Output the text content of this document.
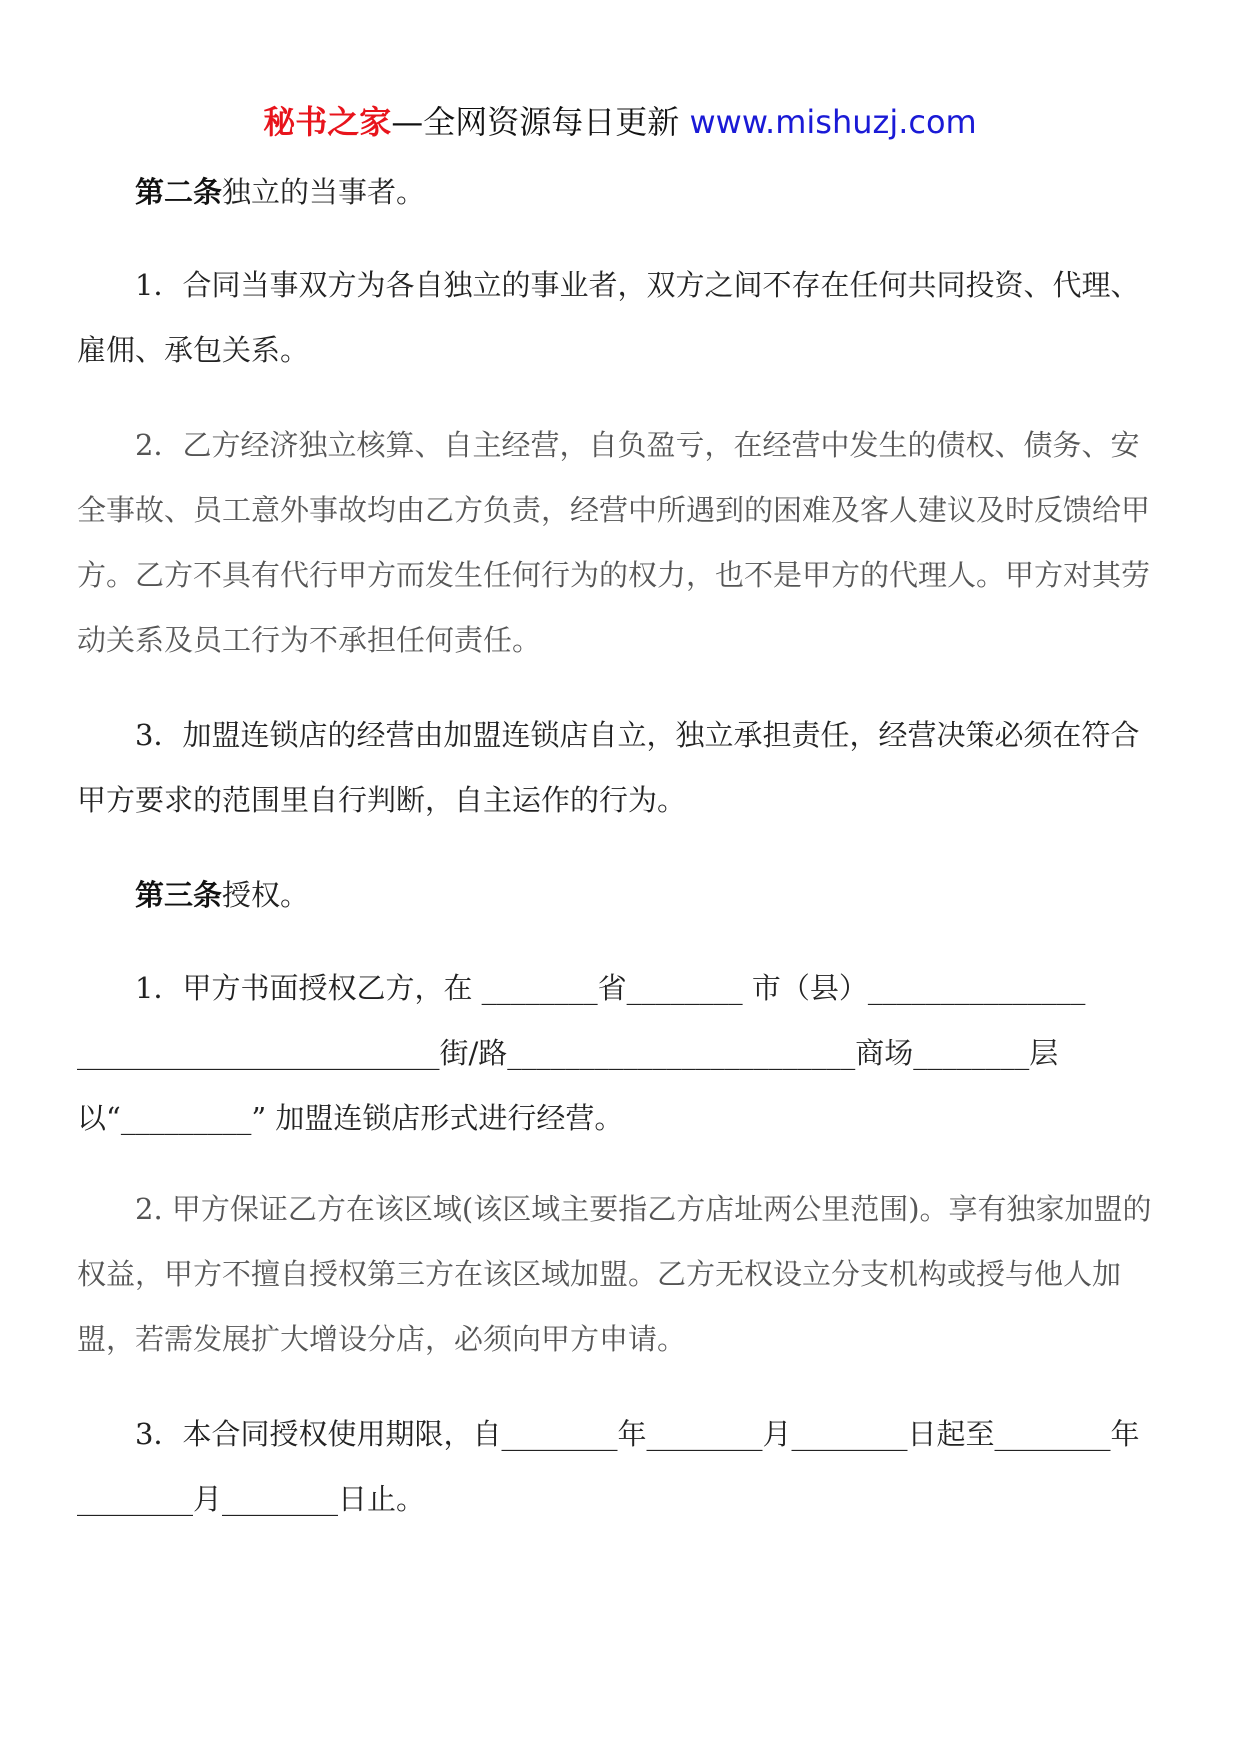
秘书之家—全网资源每日更新 www.mishuzj.com

第二条独立的当事者。

1．合同当事双方为各自独立的事业者，双方之间不存在任何共同投资、代理、雇佣、承包关系。

2．乙方经济独立核算、自主经营，自负盈亏，在经营中发生的债权、债务、安全事故、员工意外事故均由乙方负责，经营中所遇到的困难及客人建议及时反馈给甲方。乙方不具有代行甲方而发生任何行为的权力，也不是甲方的代理人。甲方对其劳动关系及员工行为不承担任何责任。

3．加盟连锁店的经营由加盟连锁店自立，独立承担责任，经营决策必须在符合甲方要求的范围里自行判断，自主运作的行为。

第三条授权。

1．甲方书面授权乙方，在 ________省________ 市（县）_______________ _________________________街/路________________________商场________层以“_________” 加盟连锁店形式进行经营。

2. 甲方保证乙方在该区域(该区域主要指乙方店址两公里范围)。享有独家加盟的权益，甲方不擅自授权第三方在该区域加盟。乙方无权设立分支机构或授与他人加盟，若需发展扩大增设分店，必须向甲方申请。

3．本合同授权使用期限，自________年________月________日起至________年________月________日止。
